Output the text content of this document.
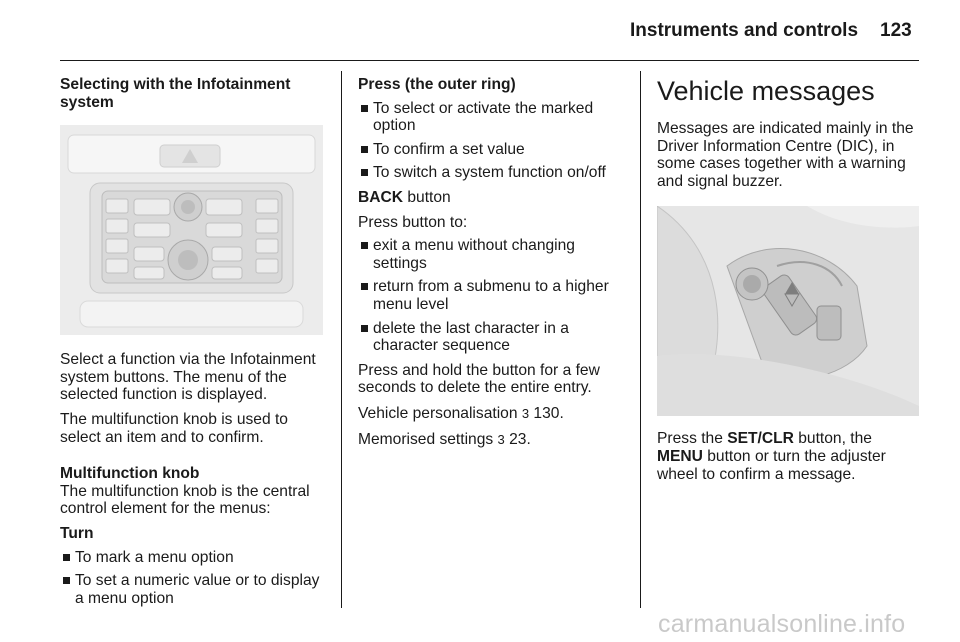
Instruments and controls 123

Selecting with the Infotainment system

Select a function via the Infotainment system buttons. The menu of the selected function is displayed.

The multifunction knob is used to select an item and to confirm.

Multifunction knob

The multifunction knob is the central control element for the menus:

Turn

To mark a menu option
To set a numeric value or to display a menu option

Press (the outer ring)

To select or activate the marked option
To confirm a set value
To switch a system function on/off

BACK button

Press button to:

exit a menu without changing settings
return from a submenu to a higher menu level
delete the last character in a character sequence

Press and hold the button for a few seconds to delete the entire entry.

Vehicle personalisation 3 130.

Memorised settings 3 23.

Vehicle messages

Messages are indicated mainly in the Driver Information Centre (DIC), in some cases together with a warning and signal buzzer.

Press the SET/CLR button, the
MENU button or turn the adjuster wheel to confirm a message.

carmanualsonline.info
